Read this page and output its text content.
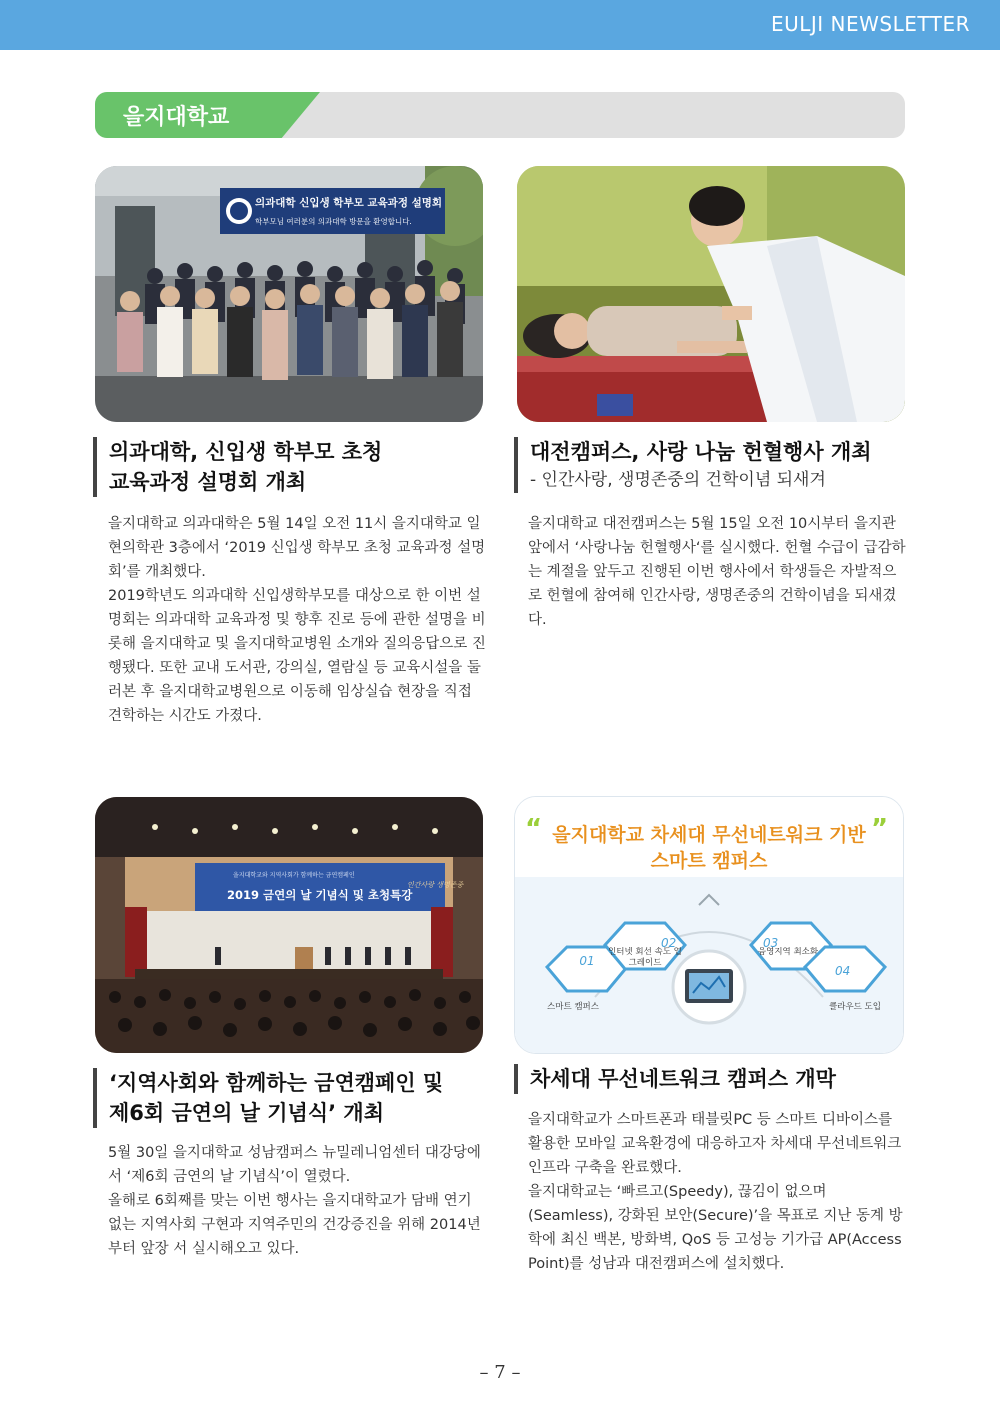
EULJI NEWSLETTER
을지대학교
의과대학 신입생 학부모 교육과정 설명회
학부모님 여러분의 의과대학 방문을 환영합니다.
의과대학, 신입생 학부모 초청
교육과정 설명회 개최

을지대학교 의과대학은 5월 14일 오전 11시 을지대학교 일현의학관 3층에서 ‘2019 신입생 학부모 초청 교육과정 설명회’를 개최했다.

2019학년도 의과대학 신입생학부모를 대상으로 한 이번 설명회는 의과대학 교육과정 및 향후 진로 등에 관한 설명을 비롯해 을지대학교 및 을지대학교병원 소개와 질의응답으로 진행됐다. 또한 교내 도서관, 강의실, 열람실 등 교육시설을 둘러본 후 을지대학교병원으로 이동해 임상실습 현장을 직접 견학하는 시간도 가졌다.

대전캠퍼스, 사랑 나눔 헌혈행사 개최
- 인간사랑, 생명존중의 건학이념 되새겨

을지대학교 대전캠퍼스는 5월 15일 오전 10시부터 을지관 앞에서 ‘사랑나눔 헌혈행사‘를 실시했다. 헌혈 수급이 급감하는 계절을 앞두고 진행된 이번 행사에서 학생들은 자발적으로 헌혈에 참여해 인간사랑, 생명존중의 건학이념을 되새겼다.

을지대학교와 지역사회가 함께하는 금연캠페인
2019 금연의 날 기념식 및 초청특강
인간사랑 생명존중
“	”
을지대학교 차세대 무선네트워크 기반
스마트 캠퍼스
01
스마트 캠퍼스
02
인터넷 회선 속도 업그레이드
03
음영지역 최소화
04
클라우드 도입
‘지역사회와 함께하는 금연캠페인 및
제6회 금연의 날 기념식’ 개최

5월 30일 을지대학교 성남캠퍼스 뉴밀레니엄센터 대강당에서 ‘제6회 금연의 날 기념식’이 열렸다.

올해로 6회째를 맞는 이번 행사는 을지대학교가 담배 연기 없는 지역사회 구현과 지역주민의 건강증진을 위해 2014년부터 앞장 서 실시해오고 있다.

차세대 무선네트워크 캠퍼스 개막

을지대학교가 스마트폰과 태블릿PC 등 스마트 디바이스를 활용한 모바일 교육환경에 대응하고자 차세대 무선네트워크 인프라 구축을 완료했다.

을지대학교는 ‘빠르고(Speedy), 끊김이 없으며(Seamless), 강화된 보안(Secure)’을 목표로 지난 동계 방학에 최신 백본, 방화벽, QoS 등 고성능 기가급 AP(Access Point)를 성남과 대전캠퍼스에 설치했다.

– 7 –
